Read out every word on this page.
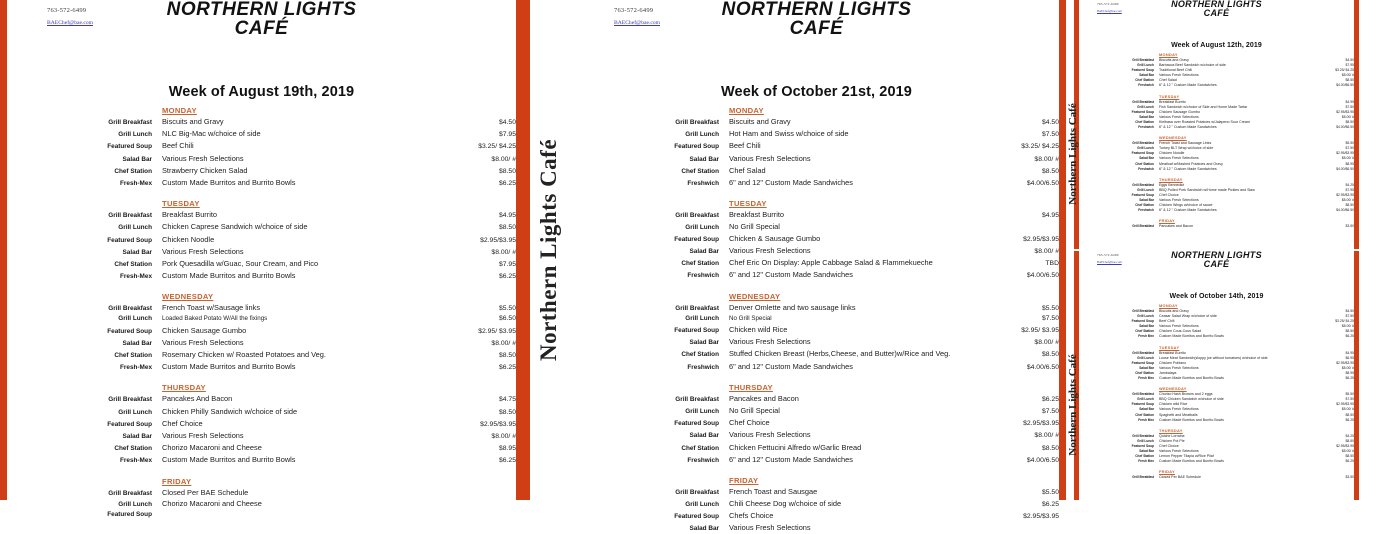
763-572-6499
BAEChef@bae.com
NORTHERN LIGHTS
CAFÉ
Week of August 19th, 2019
MONDAY
Grill Breakfast	Biscuits and Gravy	$4.50
Grill Lunch	NLC Big-Mac w/choice of side	$7.95
Featured Soup	Beef Chili	$3.25/ $4.25
Salad Bar	Various Fresh Selections	$8.00/ #
Chef Station	Strawberry Chicken Salad	$8.50
Fresh-Mex	Custom Made Burritos and Burrito Bowls	$6.25
TUESDAY
Grill Breakfast	Breakfast Burrito	$4.95
Grill Lunch	Chicken Caprese Sandwich w/choice of side	$8.50
Featured Soup	Chicken Noodle	$2.95/$3.95
Salad Bar	Various Fresh Selections	$8.00/ #
Chef Station	Pork Quesadilla w/Guac, Sour Cream, and Pico	$7.95
Fresh-Mex	Custom Made Burritos and Burrito Bowls	$6.25
WEDNESDAY
Grill Breakfast	French Toast w/Sausage links	$5.50
Grill Lunch	Loaded Baked Potato W/All the fixings	$6.50
Featured Soup	Chicken Sausage Gumbo	$2.95/ $3.95
Salad Bar	Various Fresh Selections	$8.00/ #
Chef Station	Rosemary Chicken w/ Roasted Potatoes and Veg.	$8.50
Fresh-Mex	Custom Made Burritos and Burrito Bowls	$6.25
THURSDAY
Grill Breakfast	Pancakes And Bacon	$4.75
Grill Lunch	Chicken Philly Sandwich w/choice of side	$8.50
Featured Soup	Chef Choice	$2.95/$3.95
Salad Bar	Various Fresh Selections	$8.00/ #
Chef Station	Chorizo Macaroni and Cheese	$8.95
Fresh-Mex	Custom Made Burritos and Burrito Bowls	$6.25
FRIDAY
Grill Breakfast	Closed Per BAE Schedule
Grill Lunch	Chorizo Macaroni and Cheese
Featured Soup
Northern Lights Café
763-572-6499
BAEChef@bae.com
NORTHERN LIGHTS
CAFÉ
Week of October 21st, 2019
MONDAY
Grill Breakfast	Biscuits and Gravy	$4.50
Grill Lunch	Hot Ham and Swiss w/choice of side	$7.50
Featured Soup	Beef Chili	$3.25/ $4.25
Salad Bar	Various Fresh Selections	$8.00/ #
Chef Station	Chef Salad	$8.50
Freshwich	6" and 12" Custom Made Sandwiches	$4.00/6.50
TUESDAY
Grill Breakfast	Breakfast Burrito	$4.95
Grill Lunch	No Grill Special
Featured Soup	Chicken & Sausage Gumbo	$2.95/$3.95
Salad Bar	Various Fresh Selections	$8.00/ #
Chef Station	Chef Eric On Display: Apple Cabbage Salad & Flammekueche	TBD
Freshwich	6" and 12" Custom Made Sandwiches	$4.00/6.50
WEDNESDAY
Grill Breakfast	Denver Omlette and two sausage links	$5.50
Grill Lunch	No Grill Special	$7.50
Featured Soup	Chicken wild Rice	$2.95/ $3.95
Salad Bar	Various Fresh Selections	$8.00/ #
Chef Station	Stuffed Chicken Breast (Herbs,Cheese, and Butter)w/Rice and Veg.	$8.50
Freshwich	6" and 12" Custom Made Sandwiches	$4.00/6.50
THURSDAY
Grill Breakfast	Pancakes and Bacon	$6.25
Grill Lunch	No Grill Special	$7.50
Featured Soup	Chef Choice	$2.95/$3.95
Salad Bar	Various Fresh Selections	$8.00/ #
Chef Station	Chicken Fettucini Alfredo w/Garlic Bread	$8.50
Freshwich	6" and 12" Custom Made Sandwiches	$4.00/6.50
FRIDAY
Grill Breakfast	French Toast and Sausgae	$5.50
Grill Lunch	Chili Cheese Dog w/choice of side	$6.25
Featured Soup	Chefs Choice	$2.95/$3.95
Salad Bar	Various Fresh Selections
Northern Lights Café
763-572-6499
BAEChef@bae.com
NORTHERN LIGHTS
CAFÉ
Week of August 12th, 2019
MONDAY
Grill Breakfast	Biscuits and Gravy	$4.50
Grill Lunch	Barbacoa Beef Sandwich w/choice of side	$7.95
Featured Soup	Traditional Beef Chili	$3.25/ $4.25
Salad Bar	Various Fresh Selections	$8.00/ #
Chef Station	Chef Salad	$8.50
Freshwich	6" & 12 " Custom Made Sandwiches	$4.00/$6.50
TUESDAY
Grill Breakfast	Breakfast Burrito	$4.95
Grill Lunch	Fish Sandwich w/choice of Side and Home Made Tartar	$7.50
Featured Soup	Chicken Sausage Gumbo	$2.95/$3.95
Salad Bar	Various Fresh Selections	$8.00/ #
Chef Station	Kielbasa over Roasted Potatoes w/Jalapeno Sour Cream	$8.50
Freshwich	6" & 12 " Custom Made Sandwiches	$4.00/$6.50
WEDNESDAY
Grill Breakfast	French Toast and Sausage Links	$5.50
Grill Lunch	Turkey BLT Wrap w/choice of side	$7.50
Featured Soup	Chicken Noodle	$2.95/$3.95
Salad Bar	Various Fresh Selections	$8.00/ #
Chef Station	Meatloaf w/Mashed Potatoes and Gravy	$8.95
Freshwich	6" & 12 " Custom Made Sandwiches	$4.00/$6.50
THURSDAY
Grill Breakfast	Eggs Bennedict	$4.25
Grill Lunch	BBQ Pulled Pork Sandwich w/Home made Pickles and Slaw	$7.95
Featured Soup	Chef Choice	$2.95/$3.95
Salad Bar	Various Fresh Selections	$8.00/ #
Chef Station	Chicken Wings w/choice of sauce	$8.50
Freshwich	6" & 12 " Custom Made Sandwiches	$4.00/$6.50
FRIDAY
Grill Breakfast	Pancakes and Bacon	$3.50
Northern Lights Café
763-572-6499
BAEChef@bae.com
NORTHERN LIGHTS
CAFÉ
Week of October 14th, 2019
MONDAY
Grill Breakfast	Biscuits and Gravy	$4.50
Grill Lunch	Ceasar Salad Wrap w/choice of side	$7.50
Featured Soup	Beef Chili	$3.25/ $4.25
Salad Bar	Various Fresh Selections	$8.00/ #
Chef Station	Chicken Cous-Cous Salad	$8.50
Fresh Mex	Custom Made Burritos and Burrito Bowls	$6.25
TUESDAY
Grill Breakfast	Breakfast Burrito	$4.95
Grill Lunch	Loose Meat Sandwich(sloppy joe without tomatoes) w/choice of side	$6.95
Featured Soup	Chicken Poblano	$2.95/$3.95
Salad Bar	Various Fresh Selections	$8.00/ #
Chef Station	Jambalaya	$8.95
Fresh Mex	Custom Made Burritos and Burrito Bowls	$6.25
WEDNESDAY
Grill Breakfast	Chorizo Hash Browns and 2 eggs	$5.50
Grill Lunch	BBQ Chicken Sandwich w/choice of side	$7.50
Featured Soup	Chicken wild Rice	$2.95/$3.95
Salad Bar	Various Fresh Selections	$8.00/ #
Chef Station	Spaghetti and Meatballs	$8.50
Fresh Mex	Custom Made Burritos and Burrito Bowls	$6.25
THURSDAY
Grill Breakfast	Quiche Lorraine	$4.25
Grill Lunch	Chicken Pot Pie	$8.50
Featured Soup	Chef Choice	$2.95/$3.95
Salad Bar	Various Fresh Selections	$8.00/ #
Chef Station	Lemon Pepper Tilapia w/Rice Pilaf	$8.50
Fresh Mex	Custom Made Burritos and Burrito Bowls	$6.25
FRIDAY
Grill Breakfast	Closed Per BAE Schedule	$3.50
